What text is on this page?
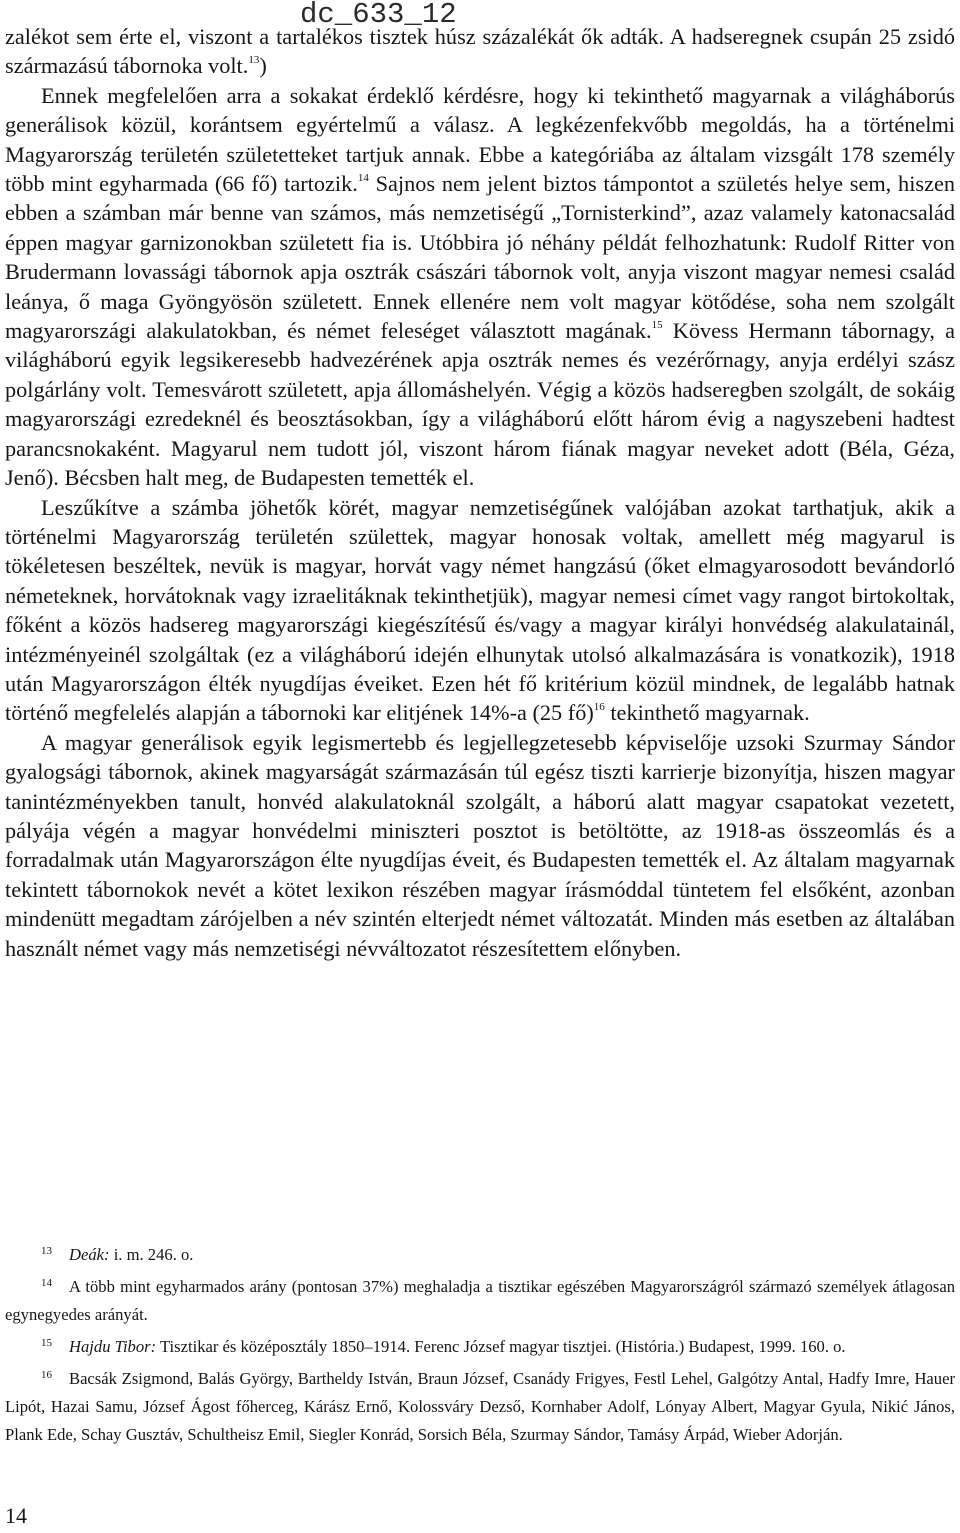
dc_633_12

zalékot sem érte el, viszont a tartalékos tisztek húsz százalékát ők adták. A hadseregnek csupán 25 zsidó származású tábornoka volt.$^{13}$)

Ennek megfelelően arra a sokakat érdeklő kérdésre, hogy ki tekinthető magyarnak a világháborús generálisok közül, korántsem egyértelmű a válasz. A legkézenfekvőbb megoldás, ha a történelmi Magyarország területén születetteket tartjuk annak. Ebbe a kategóriába az általam vizsgált 178 személy több mint egyharmada (66 fő) tartozik.$^{14}$ Sajnos nem jelent biztos támpontot a születés helye sem, hiszen ebben a számban már benne van számos, más nemzetiségű „Tornisterkind”, azaz valamely katonacsalád éppen magyar garnizonokban született fia is. Utóbbira jó néhány példát felhozhatunk: Rudolf Ritter von Brudermann lovassági tábornok apja osztrák császári tábornok volt, anyja viszont magyar nemesi család leánya, ő maga Gyöngyösön született. Ennek ellenére nem volt magyar kötődése, soha nem szolgált magyarországi alakulatokban, és német feleséget választott magának.$^{15}$ Kövess Hermann tábornagy, a világháború egyik legsikeresebb hadvezérének apja osztrák nemes és vezérőrnagy, anyja erdélyi szász polgárlány volt. Temesvárott született, apja állomáshelyén. Végig a közös hadseregben szolgált, de sokáig magyarországi ezredeknél és beosztásokban, így a világháború előtt három évig a nagyszebeni hadtest parancsnokaként. Magyarul nem tudott jól, viszont három fiának magyar neveket adott (Béla, Géza, Jenő). Bécsben halt meg, de Budapesten temették el.

Leszűkítve a számba jöhetők körét, magyar nemzetiségűnek valójában azokat tarthatjuk, akik a történelmi Magyarország területén születtek, magyar honosak voltak, amellett még magyarul is tökéletesen beszéltek, nevük is magyar, horvát vagy német hangzású (őket elmagyarosodott bevándorló németeknek, horvátoknak vagy izraelitáknak tekinthetjük), magyar nemesi címet vagy rangot birtokoltak, főként a közös hadsereg magyarországi kiegészítésű és/vagy a magyar királyi honvédség alakulatainál, intézményeinél szolgáltak (ez a világháború idején elhunytak utolsó alkalmazására is vonatkozik), 1918 után Magyarországon élték nyugdíjas éveiket. Ezen hét fő kritérium közül mindnek, de legalább hatnak történő megfelelés alapján a tábornoki kar elitjének 14%-a (25 fő)$^{16}$ tekinthető magyarnak.

A magyar generálisok egyik legismertebb és legjellegzetesebb képviselője uzsoki Szurmay Sándor gyalogsági tábornok, akinek magyarságát származásán túl egész tiszti karrierje bizonyítja, hiszen magyar tanintézményekben tanult, honvéd alakulatoknál szolgált, a háború alatt magyar csapatokat vezetett, pályája végén a magyar honvédelmi miniszteri posztot is betöltötte, az 1918-as összeomlás és a forradalmak után Magyarországon élte nyugdíjas éveit, és Budapesten temették el. Az általam magyarnak tekintett tábornokok nevét a kötet lexikon részében magyar írásmóddal tüntetem fel elsőként, azonban mindenütt megadtam zárójelben a név szintén elterjedt német változatát. Minden más esetben az általában használt német vagy más nemzetiségi névváltozatot részesítettem előnyben.

13 Deák: i. m. 246. o.

14 A több mint egyharmados arány (pontosan 37%) meghaladja a tisztikar egészében Magyarországról származó személyek átlagosan egynegyedes arányát.

15 Hajdu Tibor: Tisztikar és középosztály 1850–1914. Ferenc József magyar tisztjei. (História.) Budapest, 1999. 160. o.

16 Bacsák Zsigmond, Balás György, Bartheldy István, Braun József, Csanády Frigyes, Festl Lehel, Galgótzy Antal, Hadfy Imre, Hauer Lipót, Hazai Samu, József Ágost főherceg, Kárász Ernő, Kolossváry Dezső, Kornhaber Adolf, Lónyay Albert, Magyar Gyula, Nikić János, Plank Ede, Schay Gusztáv, Schultheisz Emil, Siegler Konrád, Sorsich Béla, Szurmay Sándor, Tamásy Árpád, Wieber Adorján.

14
